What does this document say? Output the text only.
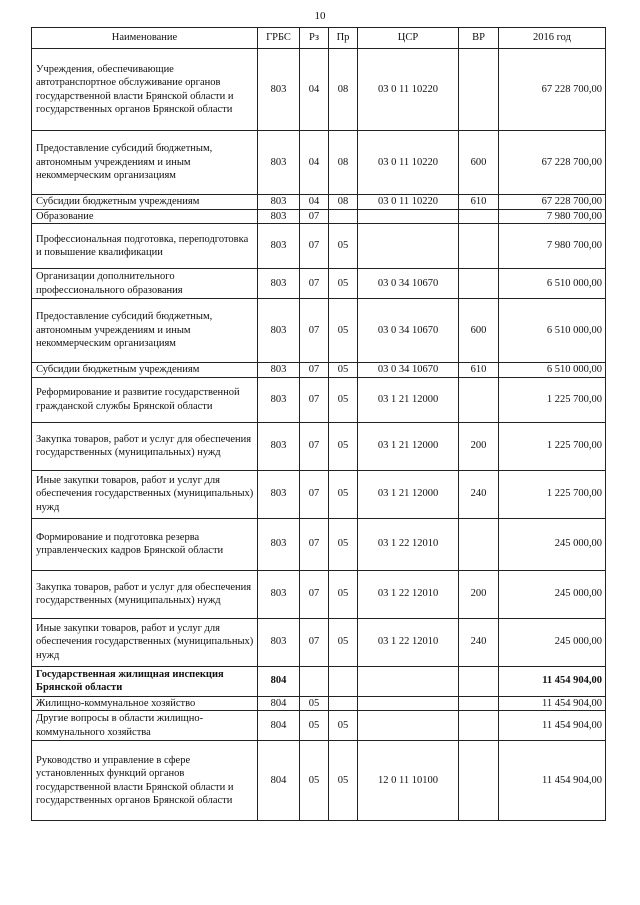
10
Наименование	ГРБС	Рз	Пр	ЦСР	ВР	2016 год
Учреждения, обеспечивающие автотранспортное обслуживание органов государственной власти Брянской области и государственных органов Брянской области	803	04	08	03 0 11 10220		67 228 700,00
Предоставление субсидий бюджетным, автономным учреждениям и иным некоммерческим организациям	803	04	08	03 0 11 10220	600	67 228 700,00
Субсидии бюджетным учреждениям	803	04	08	03 0 11 10220	610	67 228 700,00
Образование	803	07				7 980 700,00
Профессиональная подготовка, переподготовка и повышение квалификации	803	07	05			7 980 700,00
Организации дополнительного профессионального образования	803	07	05	03 0 34 10670		6 510 000,00
Предоставление субсидий бюджетным, автономным учреждениям и иным некоммерческим организациям	803	07	05	03 0 34 10670	600	6 510 000,00
Субсидии бюджетным учреждениям	803	07	05	03 0 34 10670	610	6 510 000,00
Реформирование и развитие государственной гражданской службы Брянской области	803	07	05	03 1 21 12000		1 225 700,00
Закупка товаров, работ и услуг для обеспечения государственных (муниципальных) нужд	803	07	05	03 1 21 12000	200	1 225 700,00
Иные закупки товаров, работ и услуг для обеспечения государственных (муниципальных) нужд	803	07	05	03 1 21 12000	240	1 225 700,00
Формирование и подготовка резерва управленческих кадров Брянской области	803	07	05	03 1 22 12010		245 000,00
Закупка товаров, работ и услуг для обеспечения государственных (муниципальных) нужд	803	07	05	03 1 22 12010	200	245 000,00
Иные закупки товаров, работ и услуг для обеспечения государственных (муниципальных) нужд	803	07	05	03 1 22 12010	240	245 000,00
Государственная жилищная инспекция Брянской области	804					11 454 904,00
Жилищно-коммунальное хозяйство	804	05				11 454 904,00
Другие вопросы в области жилищно-коммунального хозяйства	804	05	05			11 454 904,00
Руководство и управление в сфере установленных функций органов государственной власти Брянской области и государственных органов Брянской области	804	05	05	12 0 11 10100		11 454 904,00
